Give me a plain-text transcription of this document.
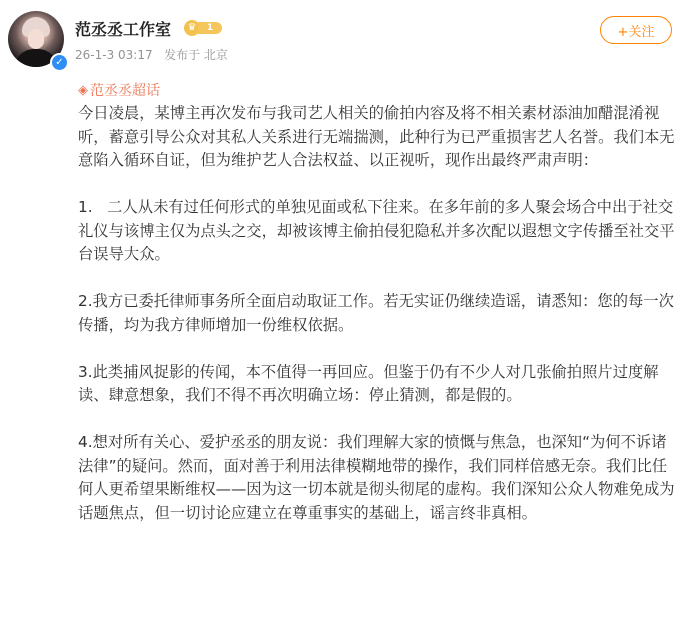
✓
范丞丞工作室	♛	1
26-1-3 03:17 发布于 北京
+关注
◈ 范丞丞超话

今日凌晨，某博主再次发布与我司艺人相关的偷拍内容及将不相关素材添油加醋混淆视听，蓄意引导公众对其私人关系进行无端揣测，此种行为已严重损害艺人名誉。我们本无意陷入循环自证，但为维护艺人合法权益、以正视听，现作出最终严肃声明：

1.   二人从未有过任何形式的单独见面或私下往来。在多年前的多人聚会场合中出于社交礼仪与该博主仅为点头之交，却被该博主偷拍侵犯隐私并多次配以遐想文字传播至社交平台误导大众。

2.我方已委托律师事务所全面启动取证工作。若无实证仍继续造谣，请悉知：您的每一次传播，均为我方律师增加一份维权依据。

3.此类捕风捉影的传闻，本不值得一再回应。但鉴于仍有不少人对几张偷拍照片过度解读、肆意想象，我们不得不再次明确立场：停止猜测，都是假的。

4.想对所有关心、爱护丞丞的朋友说：我们理解大家的愤慨与焦急，也深知“为何不诉诸法律”的疑问。然而，面对善于利用法律模糊地带的操作，我们同样倍感无奈。我们比任何人更希望果断维权——因为这一切本就是彻头彻尾的虚构。我们深知公众人物难免成为话题焦点，但一切讨论应建立在尊重事实的基础上，谣言终非真相。
